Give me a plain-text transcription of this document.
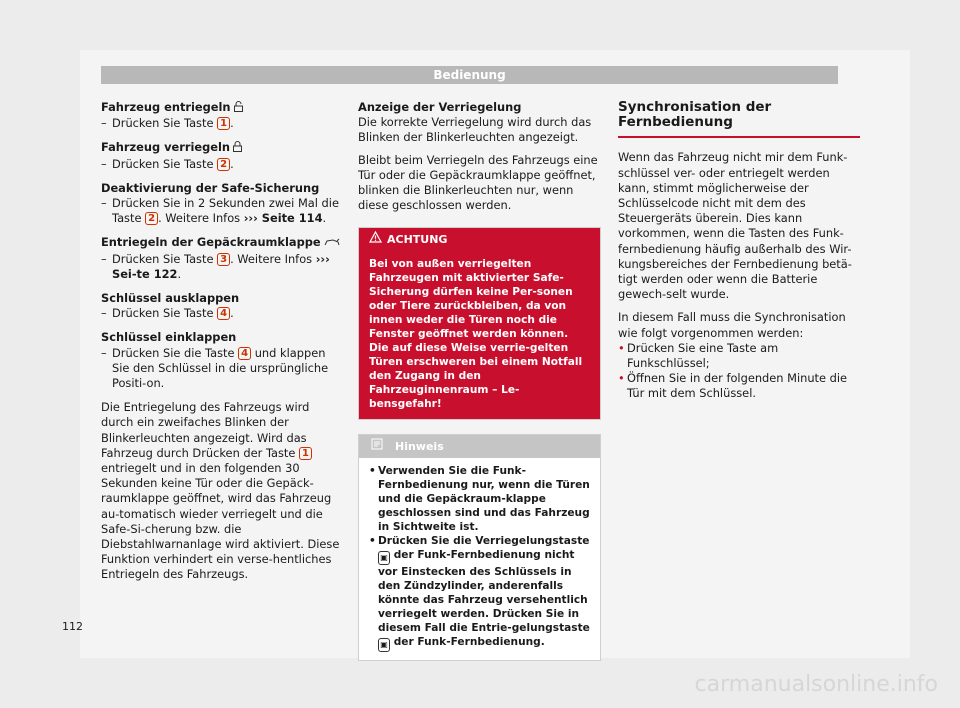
Bedienung

Fahrzeug entriegeln

– Drücken Sie Taste 1 .

Fahrzeug verriegeln

– Drücken Sie Taste 2 .

Deaktivierung der Safe-Sicherung

– Drücken Sie in 2 Sekunden zwei Mal die Taste 2 . Weitere Infos ››› Seite 114.

Entriegeln der Gepäckraumklappe

– Drücken Sie Taste 3 . Weitere Infos ››› Sei-te 122.

Schlüssel ausklappen

– Drücken Sie Taste 4 .

Schlüssel einklappen

– Drücken Sie die Taste 4 und klappen Sie den Schlüssel in die ursprüngliche Positi-on.

Die Entriegelung des Fahrzeugs wird durch ein zweifaches Blinken der Blinkerleuchten angezeigt. Wird das Fahrzeug durch Drücken der Taste 1 entriegelt und in den folgenden 30 Sekunden keine Tür oder die Gepäck-raumklappe geöffnet, wird das Fahrzeug au-tomatisch wieder verriegelt und die Safe-Si-cherung bzw. die Diebstahlwarnanlage wird aktiviert. Diese Funktion verhindert ein verse-hentliches Entriegeln des Fahrzeugs.

Anzeige der Verriegelung

Die korrekte Verriegelung wird durch das Blinken der Blinkerleuchten angezeigt.

Bleibt beim Verriegeln des Fahrzeugs eine Tür oder die Gepäckraumklappe geöffnet, blinken die Blinkerleuchten nur, wenn diese geschlossen werden.

ACHTUNG
Bei von außen verriegelten Fahrzeugen mit aktivierter Safe-Sicherung dürfen keine Per-sonen oder Tiere zurückbleiben, da von innen weder die Türen noch die Fenster geöffnet werden können. Die auf diese Weise verrie-gelten Türen erschweren bei einem Notfall den Zugang in den Fahrzeuginnenraum – Le-bensgefahr!
Hinweis

• Verwenden Sie die Funk-Fernbedienung nur, wenn die Türen und die Gepäckraum-klappe geschlossen sind und das Fahrzeug in Sichtweite ist.

• Drücken Sie die Verriegelungstaste ▣ der Funk-Fernbedienung nicht vor Einstecken des Schlüssels in den Zündzylinder, anderenfalls könnte das Fahrzeug versehentlich verriegelt werden. Drücken Sie in diesem Fall die Entrie-gelungstaste ▣ der Funk-Fernbedienung.

Synchronisation der Fernbedienung

Wenn das Fahrzeug nicht mir dem Funk-schlüssel ver- oder entriegelt werden kann, stimmt möglicherweise der Schlüsselcode nicht mit dem des Steuergeräts überein. Dies kann vorkommen, wenn die Tasten des Funk-fernbedienung häufig außerhalb des Wir-kungsbereiches der Fernbedienung betä-tigt werden oder wenn die Batterie gewech-selt wurde.

In diesem Fall muss die Synchronisation wie folgt vorgenommen werden:

• Drücken Sie eine Taste am Funkschlüssel;

• Öffnen Sie in der folgenden Minute die Tür mit dem Schlüssel.

112
carmanualsonline.info
